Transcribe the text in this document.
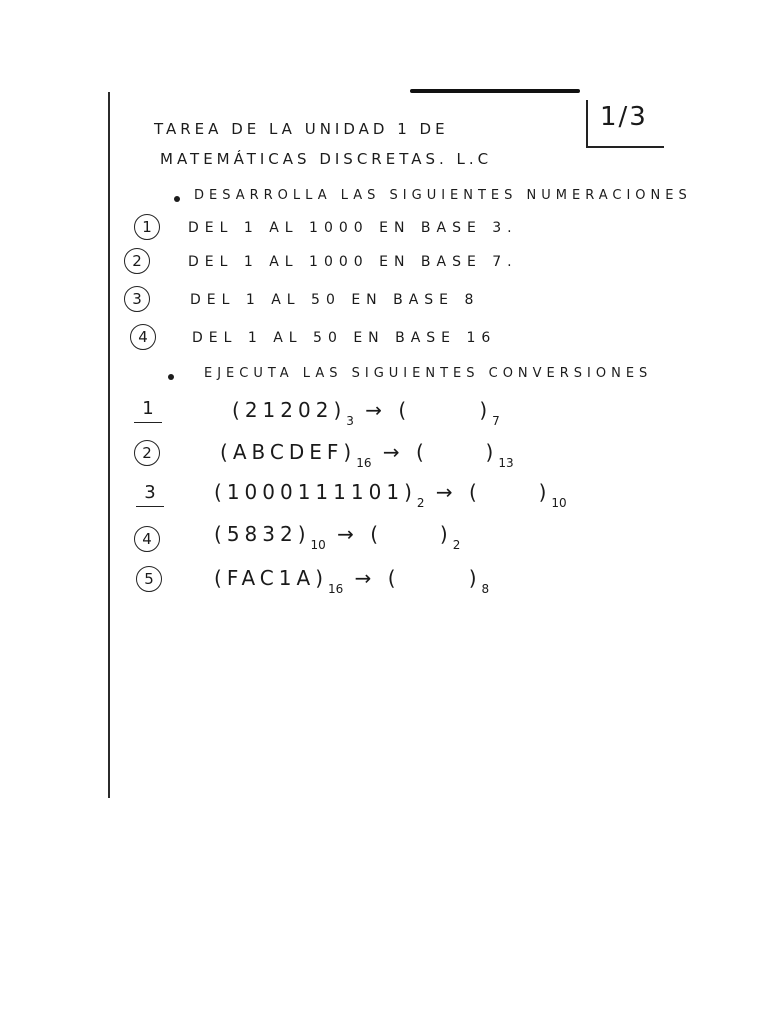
TAREA DE LA UNIDAD 1 DE
MATEMÁTICAS DISCRETAS. L.C
1/3
DESARROLLA LAS SIGUIENTES NUMERACIONES
1	DEL 1 AL 1000 EN BASE 3.
2	DEL 1 AL 1000 EN BASE 7.
3	DEL 1 AL 50 EN BASE 8
4	DEL 1 AL 50 EN BASE 16
EJECUTA LAS SIGUIENTES CONVERSIONES
1	$(21202)_3$ → (      )$_7$
2	$(ABCDEF)_{16}$ → (     )$_{13}$
3	$(1000111101)_2$ → (     )$_{10}$
4	$(5832)_{10}$ → (     )$_2$
5	$(FAC1A)_{16}$ → (      )$_8$
